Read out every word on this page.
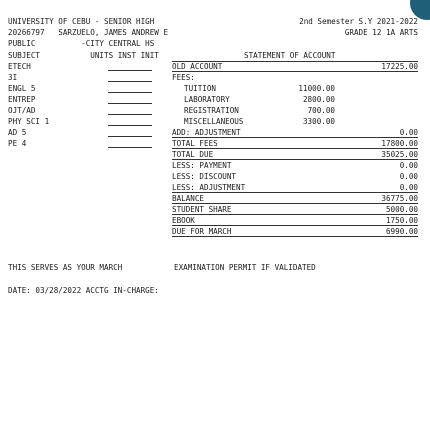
UNIVERSITY OF CEBU - SENIOR HIGH	2nd Semester S.Y 2021-2022
20266797   SARZUELO, JAMES ANDREW E	GRADE 12 1A ARTS
PUBLIC          -CITY CENTRAL HS
SUBJECT           UNITS INST INIT	STATEMENT OF ACCOUNT
ETECH
3I
ENGL 5
ENTREP
OJT/AD
PHY SCI 1
AD 5
PE 4
OLD ACCOUNT	17225.00
FEES:
TUITION	11000.00
LABORATORY	2800.00
REGISTRATION	700.00
MISCELLANEOUS	3300.00
ADD: ADJUSTMENT	0.00
TOTAL FEES	17800.00
TOTAL DUE	35025.00
LESS: PAYMENT	0.00
LESS: DISCOUNT	0.00
LESS: ADJUSTMENT	0.00
BALANCE	36775.00
STUDENT SHARE	5000.00
EBOOK	1750.00
DUE FOR MARCH	6990.00
THIS SERVES AS YOUR MARCH	EXAMINATION PERMIT IF VALIDATED
DATE: 03/28/2022 ACCTG IN-CHARGE:
